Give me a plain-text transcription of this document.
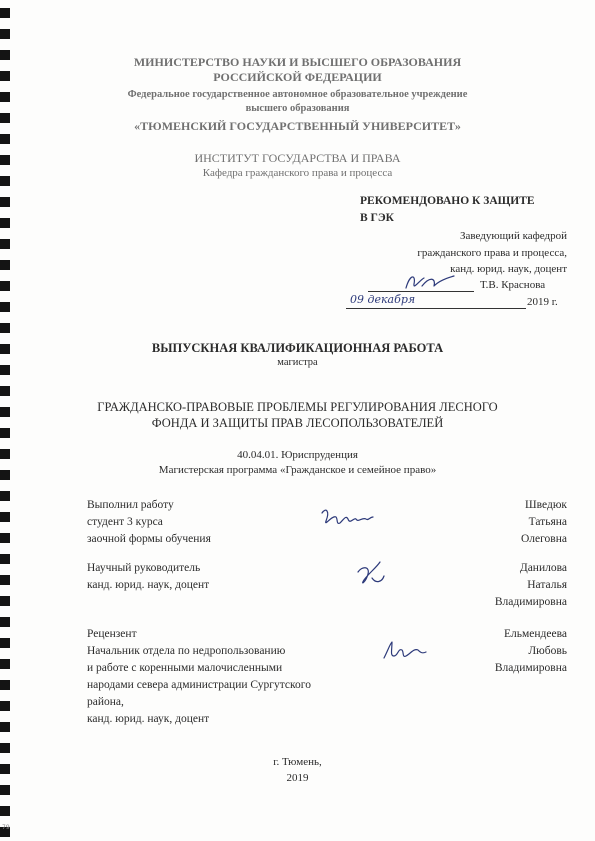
МИНИСТЕРСТВО НАУКИ И ВЫСШЕГО ОБРАЗОВАНИЯ
РОССИЙСКОЙ ФЕДЕРАЦИИ
Федеральное государственное автономное образовательное учреждение
высшего образования
«ТЮМЕНСКИЙ ГОСУДАРСТВЕННЫЙ УНИВЕРСИТЕТ»
ИНСТИТУТ ГОСУДАРСТВА И ПРАВА
Кафедра гражданского права и процесса
РЕКОМЕНДОВАНО К ЗАЩИТЕ
В ГЭК
Заведующий кафедрой
гражданского права и процесса,
канд. юрид. наук, доцент
Т.В. Краснова
09 декабря	2019 г.
ВЫПУСКНАЯ КВАЛИФИКАЦИОННАЯ РАБОТА
магистра
ГРАЖДАНСКО-ПРАВОВЫЕ ПРОБЛЕМЫ РЕГУЛИРОВАНИЯ ЛЕСНОГО
ФОНДА И ЗАЩИТЫ ПРАВ ЛЕСОПОЛЬЗОВАТЕЛЕЙ
40.04.01. Юриспруденция
Магистерская программа «Гражданское и семейное право»
Выполнил работу
студент 3 курса
заочной формы обучения
Шведюк
Татьяна
Олеговна
Научный руководитель
канд. юрид. наук, доцент
Данилова
Наталья
Владимировна
Рецензент
Начальник отдела по недропользованию
и работе с коренными малочисленными
народами севера администрации Сургутского
района,
канд. юрид. наук, доцент
Ельмендеева
Любовь
Владимировна
г. Тюмень,
2019
79
